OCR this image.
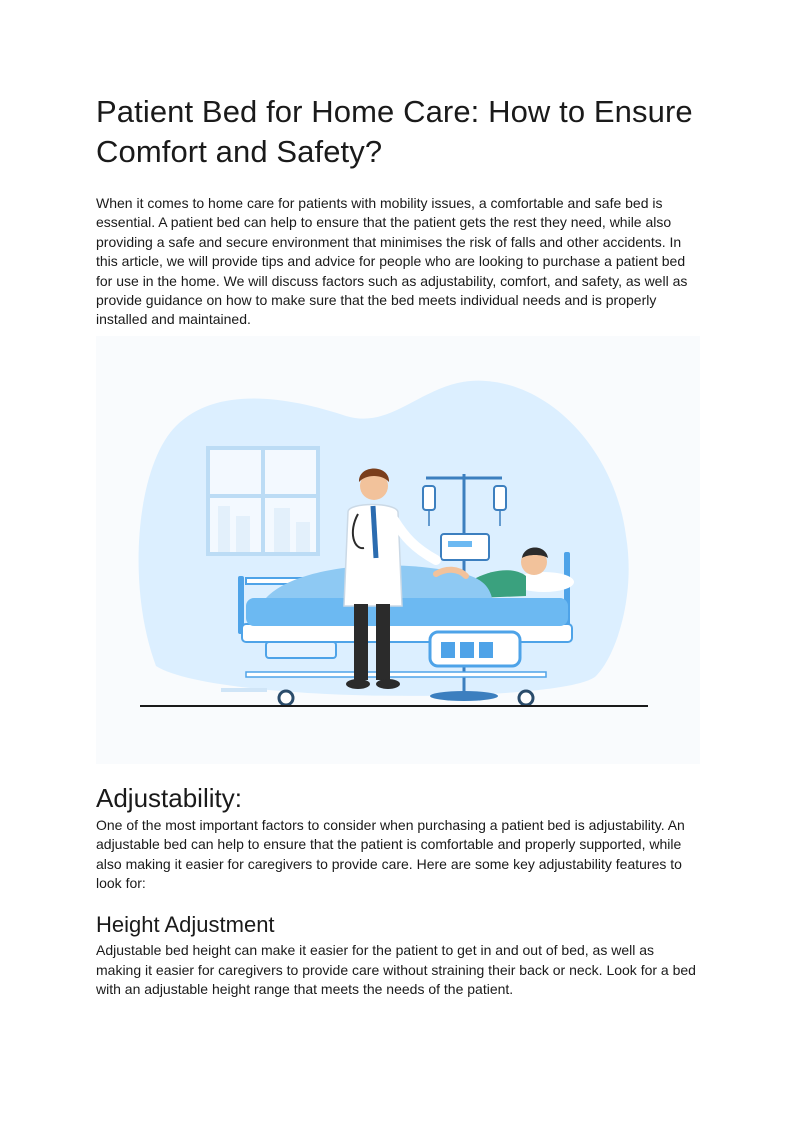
Patient Bed for Home Care: How to Ensure Comfort and Safety?

When it comes to home care for patients with mobility issues, a comfortable and safe bed is essential. A patient bed can help to ensure that the patient gets the rest they need, while also providing a safe and secure environment that minimises the risk of falls and other accidents. In this article, we will provide tips and advice for people who are looking to purchase a patient bed for use in the home. We will discuss factors such as adjustability, comfort, and safety, as well as provide guidance on how to make sure that the bed meets individual needs and is properly installed and maintained.

Adjustability:

One of the most important factors to consider when purchasing a patient bed is adjustability. An adjustable bed can help to ensure that the patient is comfortable and properly supported, while also making it easier for caregivers to provide care. Here are some key adjustability features to look for:

Height Adjustment

Adjustable bed height can make it easier for the patient to get in and out of bed, as well as making it easier for caregivers to provide care without straining their back or neck. Look for a bed with an adjustable height range that meets the needs of the patient.
